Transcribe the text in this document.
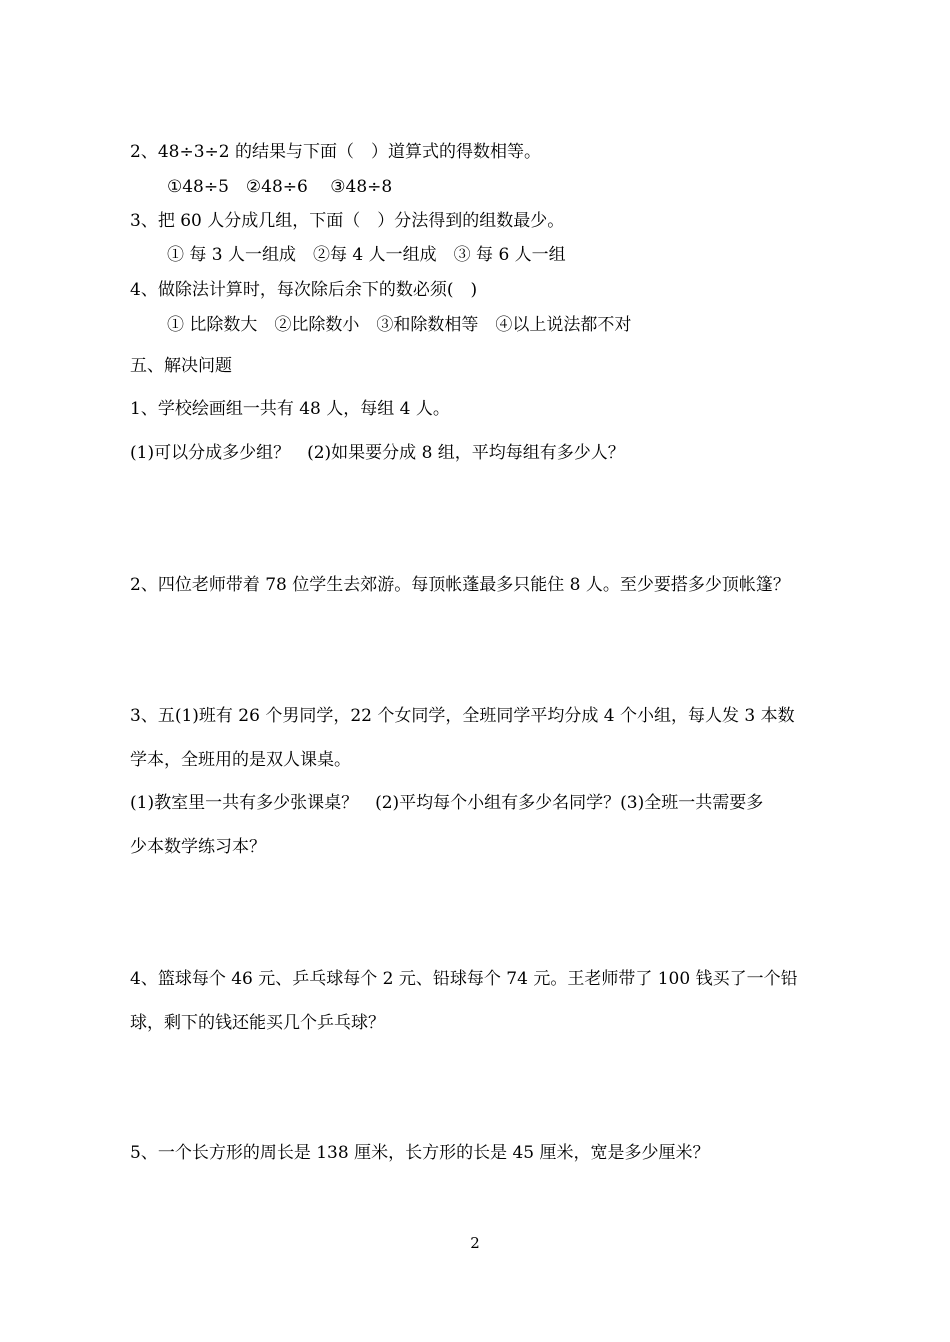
2、48÷3÷2 的结果与下面（　）道算式的得数相等。
①48÷5　②48÷6　 ③48÷8
3、把 60 人分成几组，下面（　）分法得到的组数最少。
① 每 3 人一组成　②每 4 人一组成　③ 每 6 人一组
4、做除法计算时，每次除后余下的数必须(　)
① 比除数大　②比除数小　③和除数相等　④以上说法都不对
五、解决问题
1、学校绘画组一共有 48 人，每组 4 人。
(1)可以分成多少组？　(2)如果要分成 8 组，平均每组有多少人？
2、四位老师带着 78 位学生去郊游。每顶帐蓬最多只能住 8 人。至少要搭多少顶帐篷？
3、五(1)班有 26 个男同学，22 个女同学，全班同学平均分成 4 个小组，每人发 3 本数
学本，全班用的是双人课桌。
(1)教室里一共有多少张课桌？　(2)平均每个小组有多少名同学？(3)全班一共需要多
少本数学练习本？
4、篮球每个 46 元、乒乓球每个 2 元、铅球每个 74 元。王老师带了 100 钱买了一个铅
球，剩下的钱还能买几个乒乓球？
5、一个长方形的周长是 138 厘米，长方形的长是 45 厘米，宽是多少厘米？
2
